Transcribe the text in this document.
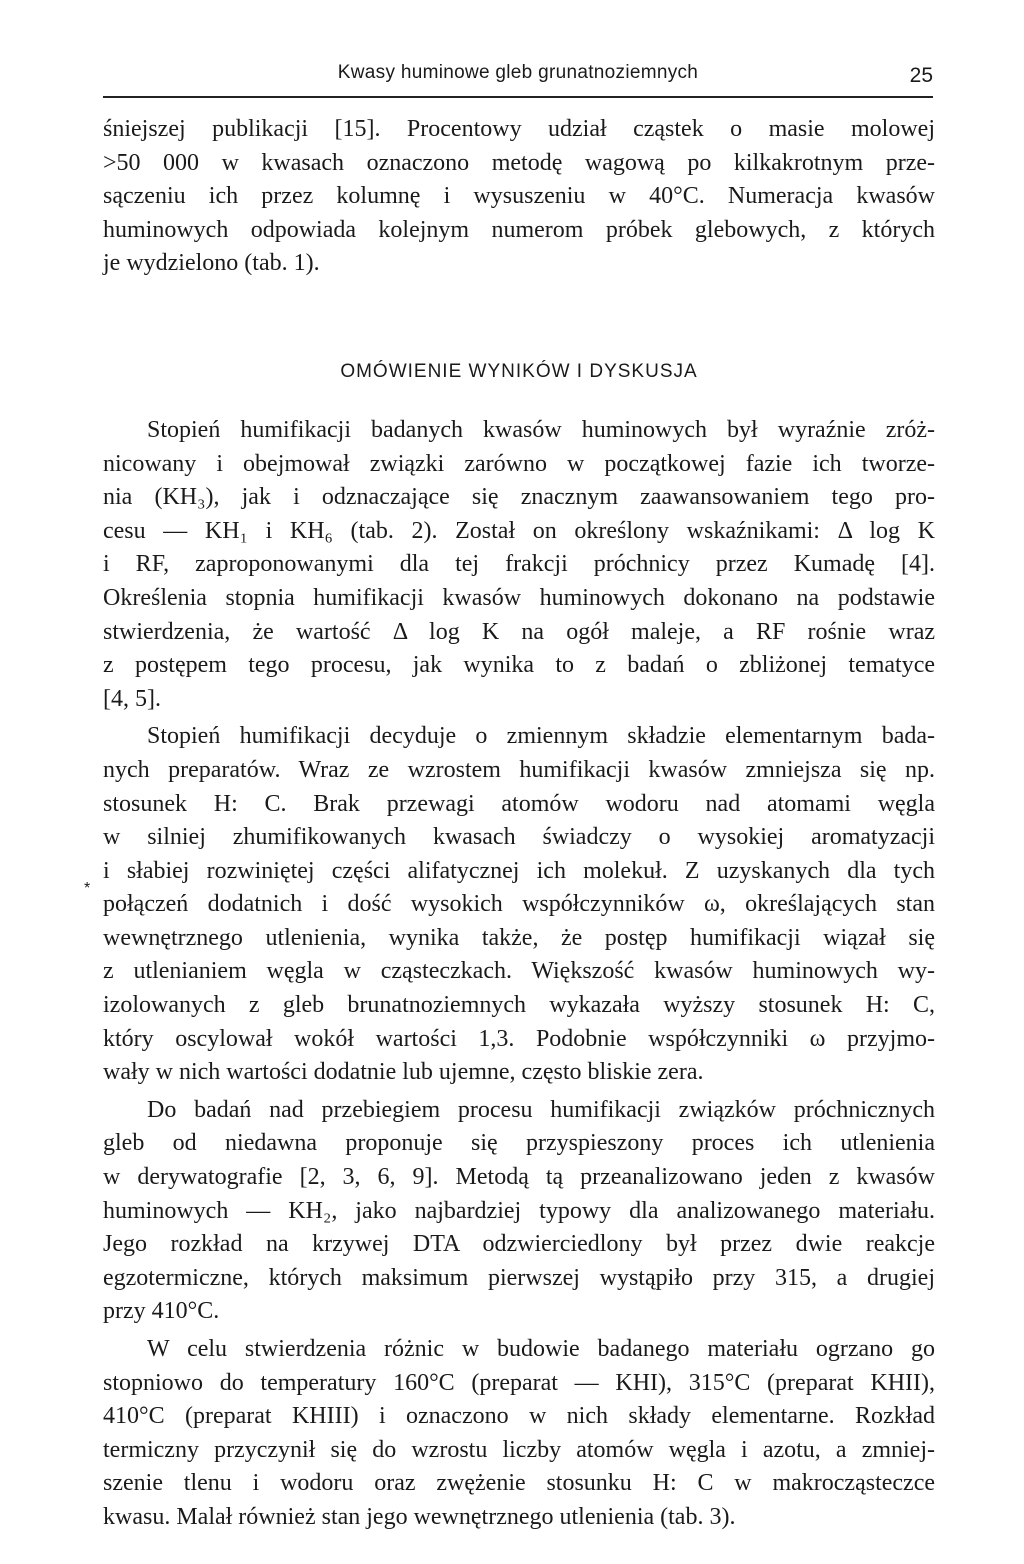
Kwasy huminowe gleb grunatnoziemnych	25
*

śniejszej publikacji [15]. Procentowy udział cząstek o masie molowej
>50 000 w kwasach oznaczono metodę wagową po kilkakrotnym prze-
sączeniu ich przez kolumnę i wysuszeniu w 40°C. Numeracja kwasów
huminowych odpowiada kolejnym numerom próbek glebowych, z których
je wydzielono (tab. 1).

OMÓWIENIE WYNIKÓW I DYSKUSJA

Stopień humifikacji badanych kwasów huminowych był wyraźnie zróż-
nicowany i obejmował związki zarówno w początkowej fazie ich tworze-
nia (KH₃), jak i odznaczające się znacznym zaawansowaniem tego pro-
cesu — KH₁ i KH₆ (tab. 2). Został on określony wskaźnikami: Δ log K
i RF, zaproponowanymi dla tej frakcji próchnicy przez Kumadę [4].
Określenia stopnia humifikacji kwasów huminowych dokonano na podstawie
stwierdzenia, że wartość Δ log K na ogół maleje, a RF rośnie wraz
z postępem tego procesu, jak wynika to z badań o zbliżonej tematyce
[4, 5].

Stopień humifikacji decyduje o zmiennym składzie elementarnym bada-
nych preparatów. Wraz ze wzrostem humifikacji kwasów zmniejsza się np.
stosunek H: C. Brak przewagi atomów wodoru nad atomami węgla
w silniej zhumifikowanych kwasach świadczy o wysokiej aromatyzacji
i słabiej rozwiniętej części alifatycznej ich molekuł. Z uzyskanych dla tych
połączeń dodatnich i dość wysokich współczynników ω, określających stan
wewnętrznego utlenienia, wynika także, że postęp humifikacji wiązał się
z utlenianiem węgla w cząsteczkach. Większość kwasów huminowych wy-
izolowanych z gleb brunatnoziemnych wykazała wyższy stosunek H: C,
który oscylował wokół wartości 1,3. Podobnie współczynniki ω przyjmo-
wały w nich wartości dodatnie lub ujemne, często bliskie zera.

Do badań nad przebiegiem procesu humifikacji związków próchnicznych
gleb od niedawna proponuje się przyspieszony proces ich utlenienia
w derywatografie [2, 3, 6, 9]. Metodą tą przeanalizowano jeden z kwasów
huminowych — KH₂, jako najbardziej typowy dla analizowanego materiału.
Jego rozkład na krzywej DTA odzwierciedlony był przez dwie reakcje
egzotermiczne, których maksimum pierwszej wystąpiło przy 315, a drugiej
przy 410°C.

W celu stwierdzenia różnic w budowie badanego materiału ogrzano go
stopniowo do temperatury 160°C (preparat — KHI), 315°C (preparat KHII),
410°C (preparat KHIII) i oznaczono w nich składy elementarne. Rozkład
termiczny przyczynił się do wzrostu liczby atomów węgla i azotu, a zmniej-
szenie tlenu i wodoru oraz zwężenie stosunku H: C w makrocząsteczce
kwasu. Malał również stan jego wewnętrznego utlenienia (tab. 3).
